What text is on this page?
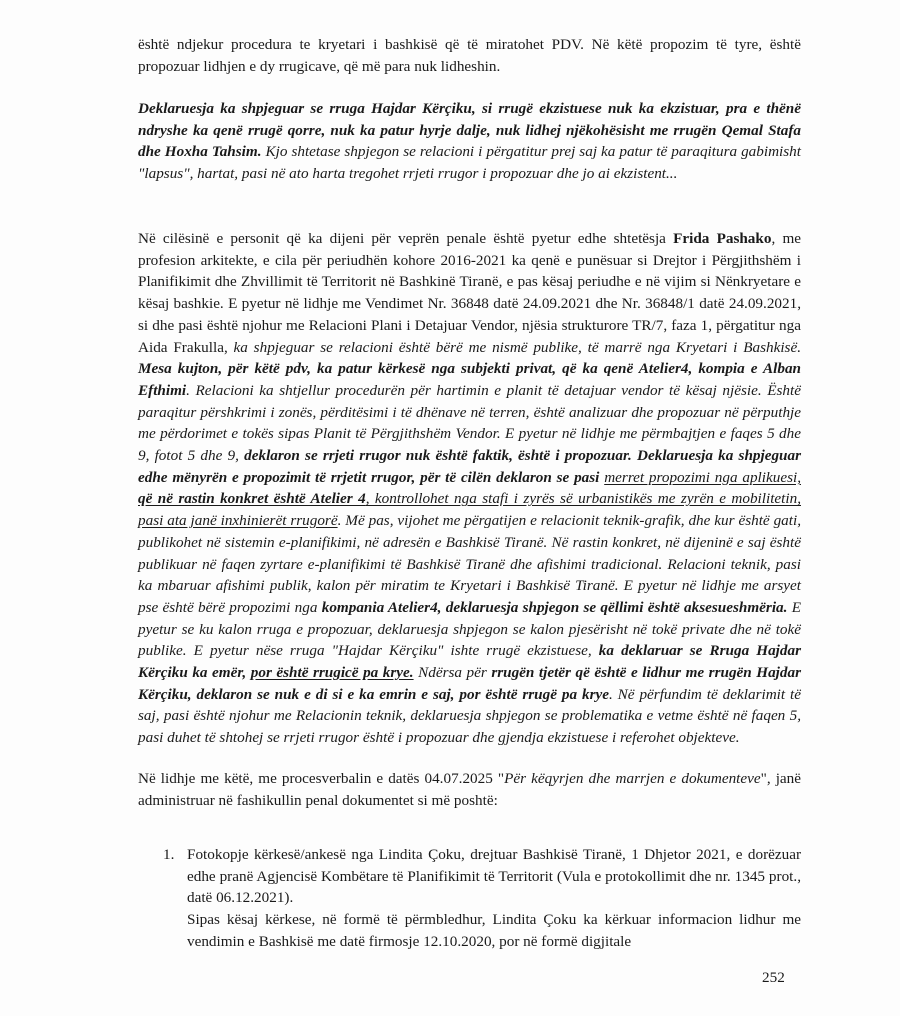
është ndjekur procedura te kryetari i bashkisë që të miratohet PDV. Në këtë propozim të tyre, është propozuar lidhjen e dy rrugicave, që më para nuk lidheshin.

Deklaruesja ka shpjeguar se rruga Hajdar Kërçiku, si rrugë ekzistuese nuk ka ekzistuar, pra e thënë ndryshe ka qenë rrugë qorre, nuk ka patur hyrje dalje, nuk lidhej njëkohësisht me rrugën Qemal Stafa dhe Hoxha Tahsim. Kjo shtetase shpjegon se relacioni i përgatitur prej saj ka patur të paraqitura gabimisht "lapsus", hartat, pasi në ato harta tregohet rrjeti rrugor i propozuar dhe jo ai ekzistent...

Në cilësinë e personit që ka dijeni për veprën penale është pyetur edhe shtetësja Frida Pashako, me profesion arkitekte, e cila për periudhën kohore 2016-2021 ka qenë e punësuar si Drejtor i Përgjithshëm i Planifikimit dhe Zhvillimit të Territorit në Bashkinë Tiranë, e pas kësaj periudhe e në vijim si Nënkryetare e kësaj bashkie. E pyetur në lidhje me Vendimet Nr. 36848 datë 24.09.2021 dhe Nr. 36848/1 datë 24.09.2021, si dhe pasi është njohur me Relacioni Plani i Detajuar Vendor, njësia strukturore TR/7, faza 1, përgatitur nga Aida Frakulla, ka shpjeguar se relacioni është bërë me nismë publike, të marrë nga Kryetari i Bashkisë. Mesa kujton, për këtë pdv, ka patur kërkesë nga subjekti privat, që ka qenë Atelier4, kompia e Alban Efthimi. Relacioni ka shtjellur procedurën për hartimin e planit të detajuar vendor të kësaj njësie. Është paraqitur përshkrimi i zonës, përditësimi i të dhënave në terren, është analizuar dhe propozuar në përputhje me përdorimet e tokës sipas Planit të Përgjithshëm Vendor. E pyetur në lidhje me përmbajtjen e faqes 5 dhe 9, fotot 5 dhe 9, deklaron se rrjeti rrugor nuk është faktik, është i propozuar. Deklaruesja ka shpjeguar edhe mënyrën e propozimit të rrjetit rrugor, për të cilën deklaron se pasi merret propozimi nga aplikuesi, që në rastin konkret është Atelier 4, kontrollohet nga stafi i zyrës së urbanistikës me zyrën e mobilitetin, pasi ata janë inxhinierët rrugorë. Më pas, vijohet me përgatijen e relacionit teknik-grafik, dhe kur është gati, publikohet në sistemin e-planifikimi, në adresën e Bashkisë Tiranë. Në rastin konkret, në dijeninë e saj është publikuar në faqen zyrtare e-planifikimi të Bashkisë Tiranë dhe afishimi tradicional. Relacioni teknik, pasi ka mbaruar afishimi publik, kalon për miratim te Kryetari i Bashkisë Tiranë. E pyetur në lidhje me arsyet pse është bërë propozimi nga kompania Atelier4, deklaruesja shpjegon se qëllimi është aksesueshmëria. E pyetur se ku kalon rruga e propozuar, deklaruesja shpjegon se kalon pjesërisht në tokë private dhe në tokë publike. E pyetur nëse rruga "Hajdar Kërçiku" ishte rrugë ekzistuese, ka deklaruar se Rruga Hajdar Kërçiku ka emër, por është rrugicë pa krye. Ndërsa për rrugën tjetër që është e lidhur me rrugën Hajdar Kërçiku, deklaron se nuk e di si e ka emrin e saj, por është rrugë pa krye. Në përfundim të deklarimit të saj, pasi është njohur me Relacionin teknik, deklaruesja shpjegon se problematika e vetme është në faqen 5, pasi duhet të shtohej se rrjeti rrugor është i propozuar dhe gjendja ekzistuese i referohet objekteve.

Në lidhje me këtë, me procesverbalin e datës 04.07.2025 "Për këqyrjen dhe marrjen e dokumenteve", janë administruar në fashikullin penal dokumentet si më poshtë:

1. Fotokopje kërkesë/ankesë nga Lindita Çoku, drejtuar Bashkisë Tiranë, 1 Dhjetor 2021, e dorëzuar edhe pranë Agjencisë Kombëtare të Planifikimit të Territorit (Vula e protokollimit dhe nr. 1345 prot., datë 06.12.2021).

Sipas kësaj kërkese, në formë të përmbledhur, Lindita Çoku ka kërkuar informacion lidhur me vendimin e Bashkisë me datë firmosje 12.10.2020, por në formë digjitale

252
